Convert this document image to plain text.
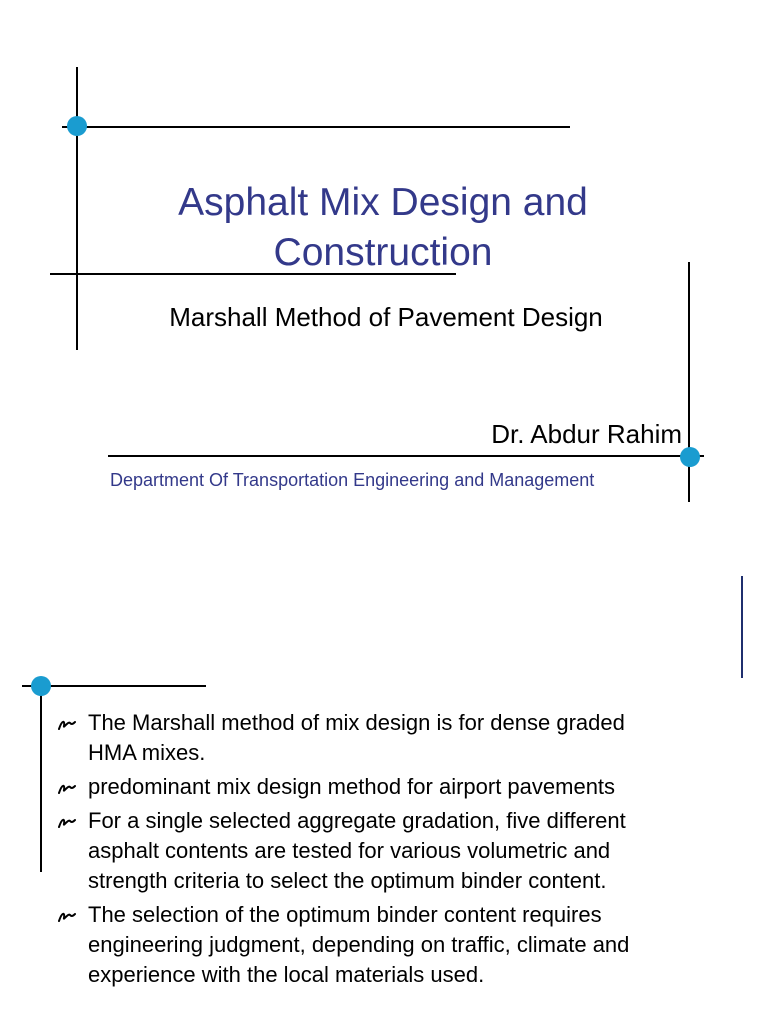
Asphalt Mix Design and
Construction

Marshall Method of Pavement Design

Dr. Abdur Rahim

Department Of Transportation Engineering and Management

The Marshall method of mix design is for dense graded
HMA mixes.
predominant mix design method for airport pavements
For a single selected aggregate gradation, five different
asphalt contents are tested for various volumetric and
strength criteria to select the optimum binder content.
The selection of the optimum binder content requires
engineering judgment, depending on traffic, climate and
experience with the local materials used.
